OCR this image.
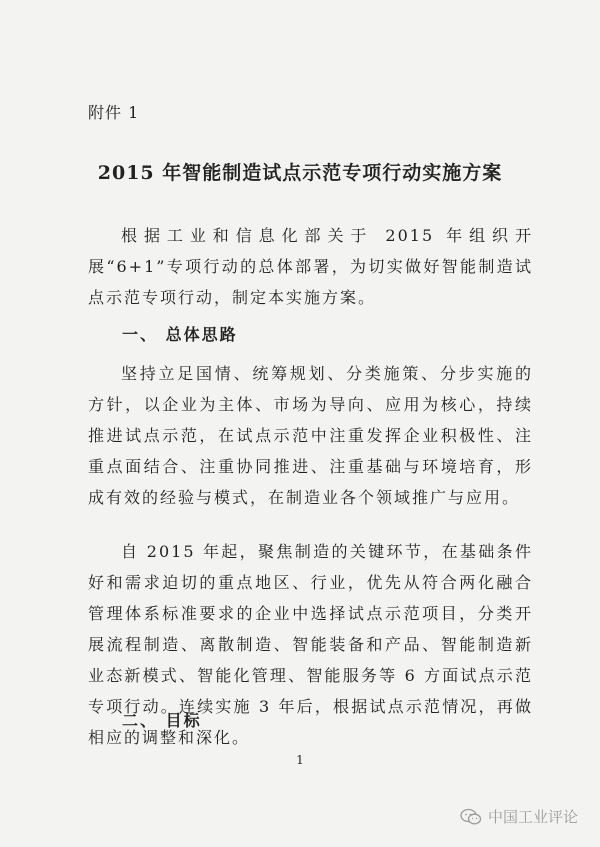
附件 1
2015 年智能制造试点示范专项行动实施方案

根据工业和信息化部关于 2015 年组织开展“6+1”专项行动的总体部署，为切实做好智能制造试点示范专项行动，制定本实施方案。

一、 总体思路

坚持立足国情、统筹规划、分类施策、分步实施的方针，以企业为主体、市场为导向、应用为核心，持续推进试点示范，在试点示范中注重发挥企业积极性、注重点面结合、注重协同推进、注重基础与环境培育，形成有效的经验与模式，在制造业各个领域推广与应用。

自 2015 年起，聚焦制造的关键环节，在基础条件好和需求迫切的重点地区、行业，优先从符合两化融合管理体系标准要求的企业中选择试点示范项目，分类开展流程制造、离散制造、智能装备和产品、智能制造新业态新模式、智能化管理、智能服务等 6 方面试点示范专项行动。连续实施 3 年后，根据试点示范情况，再做相应的调整和深化。

二、 目标
1
中国工业评论
